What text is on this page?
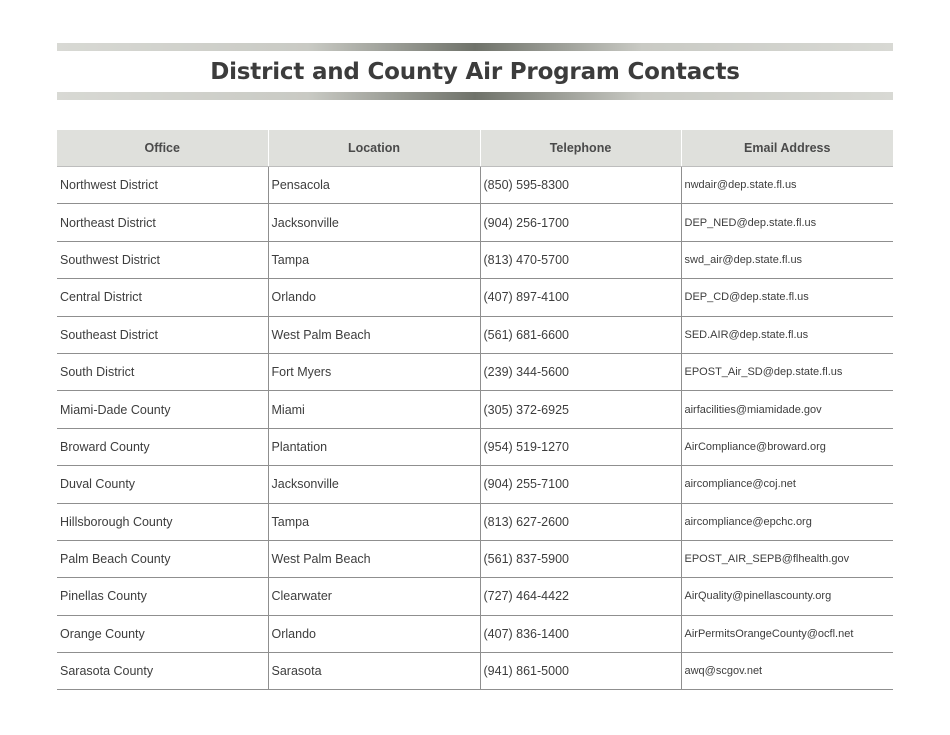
District and County Air Program Contacts
Office	Location	Telephone	Email Address
Northwest District	Pensacola	(850) 595-8300	nwdair@dep.state.fl.us
Northeast District	Jacksonville	(904) 256-1700	DEP_NED@dep.state.fl.us
Southwest District	Tampa	(813) 470-5700	swd_air@dep.state.fl.us
Central District	Orlando	(407) 897-4100	DEP_CD@dep.state.fl.us
Southeast District	West Palm Beach	(561) 681-6600	SED.AIR@dep.state.fl.us
South District	Fort Myers	(239) 344-5600	EPOST_Air_SD@dep.state.fl.us
Miami-Dade County	Miami	(305) 372-6925	airfacilities@miamidade.gov
Broward County	Plantation	(954) 519-1270	AirCompliance@broward.org
Duval County	Jacksonville	(904) 255-7100	aircompliance@coj.net
Hillsborough County	Tampa	(813) 627-2600	aircompliance@epchc.org
Palm Beach County	West Palm Beach	(561) 837-5900	EPOST_AIR_SEPB@flhealth.gov
Pinellas County	Clearwater	(727) 464-4422	AirQuality@pinellascounty.org
Orange County	Orlando	(407) 836-1400	AirPermitsOrangeCounty@ocfl.net
Sarasota County	Sarasota	(941) 861-5000	awq@scgov.net
